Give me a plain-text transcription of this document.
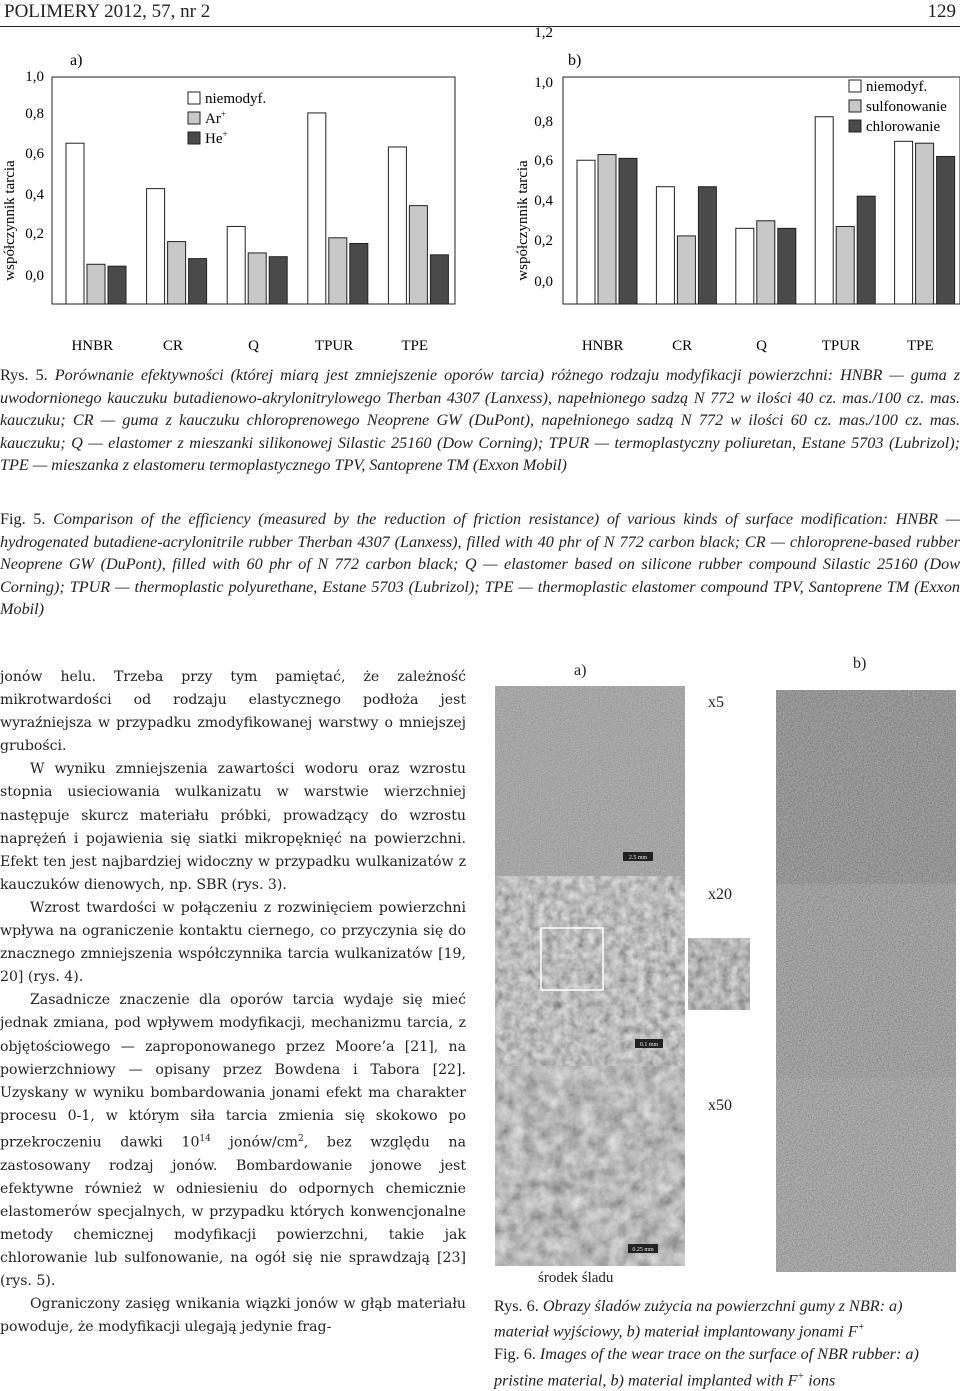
POLIMERY 2012, 57, nr 2	129
a)
współczynnik tarcia 0,0
0,2
0,4
0,6
0,8
1,0
HNBR	CR	Q	TPUR	TPE
niemodyf.
Ar+
He+
b)
współczynnik tarcia
0,0
0,2
0,4
0,6
0,8
1,0
1,2
HNBR	CR	Q	TPUR	TPE
niemodyf.
sulfonowanie
chlorowanie
Rys. 5. Porównanie efektywności (której miarą jest zmniejszenie oporów tarcia) różnego rodzaju modyfikacji powierzchni: HNBR — guma z uwodornionego kauczuku butadienowo-akrylonitrylowego Therban 4307 (Lanxess), napełnionego sadzą N 772 w ilości 40 cz. mas./100 cz. mas. kauczuku; CR — guma z kauczuku chloroprenowego Neoprene GW (DuPont), napełnionego sadzą N 772 w ilości 60 cz. mas./100 cz. mas. kauczuku; Q — elastomer z mieszanki silikonowej Silastic 25160 (Dow Corning); TPUR — termoplastyczny poliuretan, Estane 5703 (Lubrizol); TPE — mieszanka z elastomeru termoplastycznego TPV, Santoprene TM (Exxon Mobil)
Fig. 5. Comparison of the efficiency (measured by the reduction of friction resistance) of various kinds of surface modification: HNBR — hydrogenated butadiene-acrylonitrile rubber Therban 4307 (Lanxess), filled with 40 phr of N 772 carbon black; CR — chloroprene-based rubber Neoprene GW (DuPont), filled with 60 phr of N 772 carbon black; Q — elastomer based on silicone rubber compound Silastic 25160 (Dow Corning); TPUR — thermoplastic polyurethane, Estane 5703 (Lubrizol); TPE — thermoplastic elastomer compound TPV, Santoprene TM (Exxon Mobil)

jonów helu. Trzeba przy tym pamiętać, że zależność mikrotwardości od rodzaju elastycznego podłoża jest wyraźniejsza w przypadku zmodyfikowanej warstwy o mniejszej grubości.

W wyniku zmniejszenia zawartości wodoru oraz wzrostu stopnia usieciowania wulkanizatu w warstwie wierzchniej następuje skurcz materiału próbki, prowadzący do wzrostu naprężeń i pojawienia się siatki mikropęknięć na powierzchni. Efekt ten jest najbardziej widoczny w przypadku wulkanizatów z kauczuków dienowych, np. SBR (rys. 3).

Wzrost twardości w połączeniu z rozwinięciem powierzchni wpływa na ograniczenie kontaktu ciernego, co przyczynia się do znacznego zmniejszenia współczynnika tarcia wulkanizatów [19, 20] (rys. 4).

Zasadnicze znaczenie dla oporów tarcia wydaje się mieć jednak zmiana, pod wpływem modyfikacji, mechanizmu tarcia, z objętościowego — zaproponowanego przez Moore’a [21], na powierzchniowy — opisany przez Bowdena i Tabora [22]. Uzyskany w wyniku bombardowania jonami efekt ma charakter procesu 0-1, w którym siła tarcia zmienia się skokowo po przekroczeniu dawki $10^{14}$ jonów/$cm^2$, bez względu na zastosowany rodzaj jonów. Bombardowanie jonowe jest efektywne również w odniesieniu do odpornych chemicznie elastomerów specjalnych, w przypadku których konwencjonalne metody chemicznej modyfikacji powierzchni, takie jak chlorowanie lub sulfonowanie, na ogół się nie sprawdzają [23] (rys. 5).

Ograniczony zasięg wnikania wiązki jonów w głąb materiału powoduje, że modyfikacji ulegają jedynie frag-

a)	b)
x5
x20
x50
2.5 mm
0.1 mm
0.25 mm
środek śladu
Rys. 6. Obrazy śladów zużycia na powierzchni gumy z NBR: a) materiał wyjściowy, b) materiał implantowany jonami F+
Fig. 6. Images of the wear trace on the surface of NBR rubber: a) pristine material, b) material implanted with F+ ions
